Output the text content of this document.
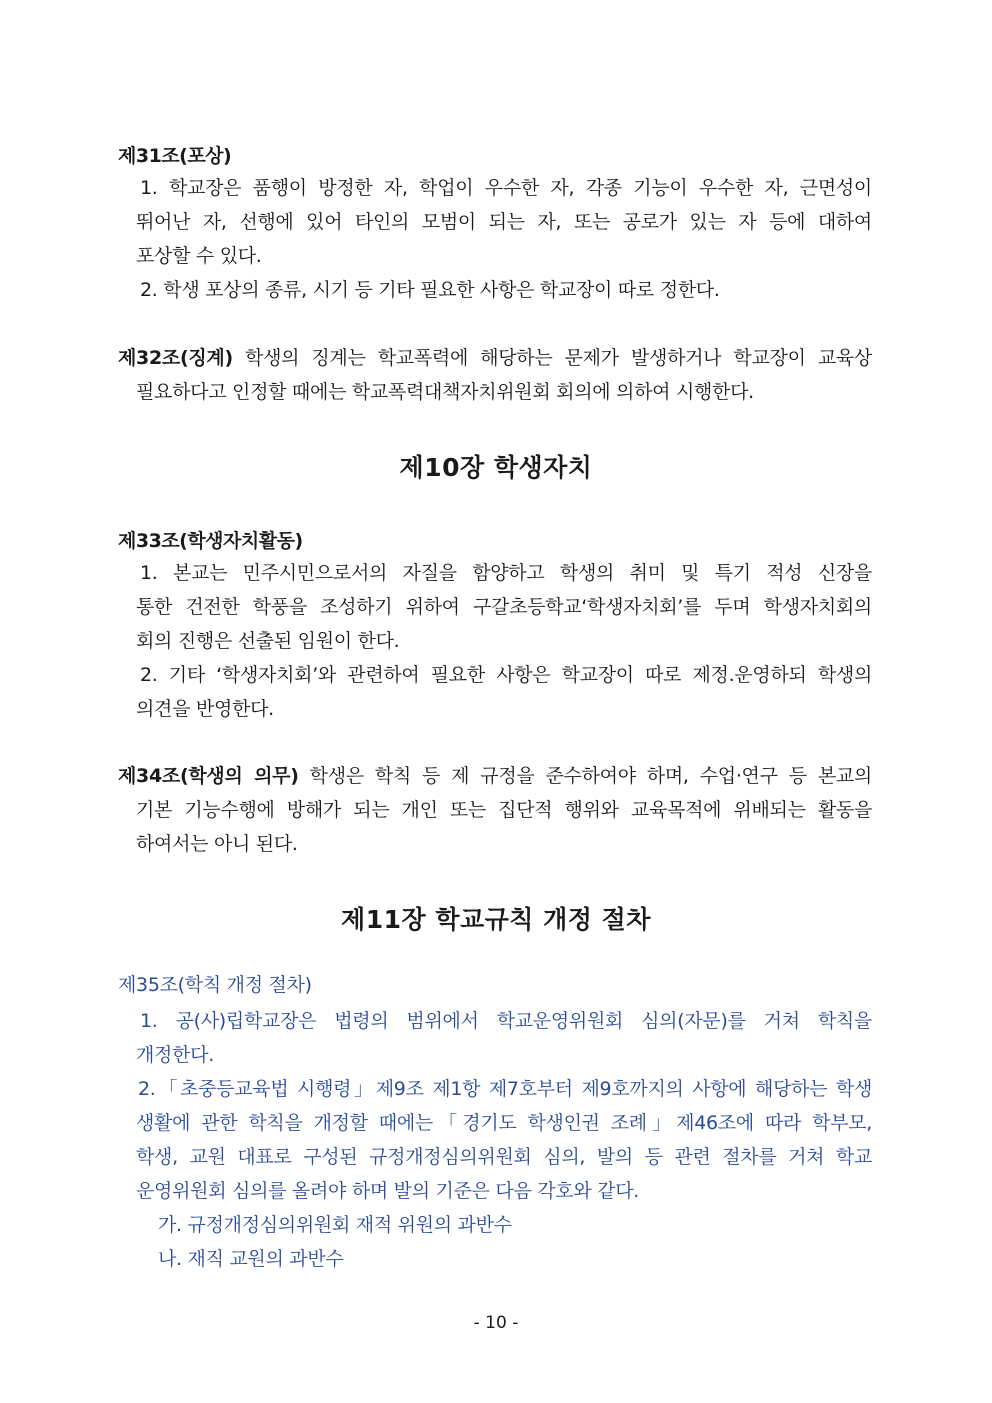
제31조(포상)
1. 학교장은 품행이 방정한 자, 학업이 우수한 자, 각종 기능이 우수한 자, 근면성이
뛰어난 자, 선행에 있어 타인의 모범이 되는 자, 또는 공로가 있는 자 등에 대하여
포상할 수 있다.
2. 학생 포상의 종류, 시기 등 기타 필요한 사항은 학교장이 따로 정한다.
제32조(징계) 학생의 징계는 학교폭력에 해당하는 문제가 발생하거나 학교장이 교육상
필요하다고 인정할 때에는 학교폭력대책자치위원회 회의에 의하여 시행한다.
제10장 학생자치
제33조(학생자치활동)
1. 본교는 민주시민으로서의 자질을 함양하고 학생의 취미 및 특기 적성 신장을
통한 건전한 학풍을 조성하기 위하여 구갈초등학교‘학생자치회’를 두며 학생자치회의
회의 진행은 선출된 임원이 한다.
2. 기타 ‘학생자치회’와 관련하여 필요한 사항은 학교장이 따로 제정.운영하되 학생의
의견을 반영한다.
제34조(학생의 의무) 학생은 학칙 등 제 규정을 준수하여야 하며, 수업·연구 등 본교의
기본 기능수행에 방해가 되는 개인 또는 집단적 행위와 교육목적에 위배되는 활동을
하여서는 아니 된다.
제11장 학교규칙 개정 절차
제35조(학칙 개정 절차)
1. 공(사)립학교장은 법령의 범위에서 학교운영위원회 심의(자문)를 거쳐 학칙을
개정한다.
2.「초중등교육법 시행령」제9조 제1항 제7호부터 제9호까지의 사항에 해당하는 학생
생활에 관한 학칙을 개정할 때에는「경기도 학생인권 조례」제46조에 따라 학부모,
학생, 교원 대표로 구성된 규정개정심의위원회 심의, 발의 등 관련 절차를 거쳐 학교
운영위원회 심의를 올려야 하며 발의 기준은 다음 각호와 같다.
가. 규정개정심의위원회 재적 위원의 과반수
나. 재직 교원의 과반수
- 10 -
